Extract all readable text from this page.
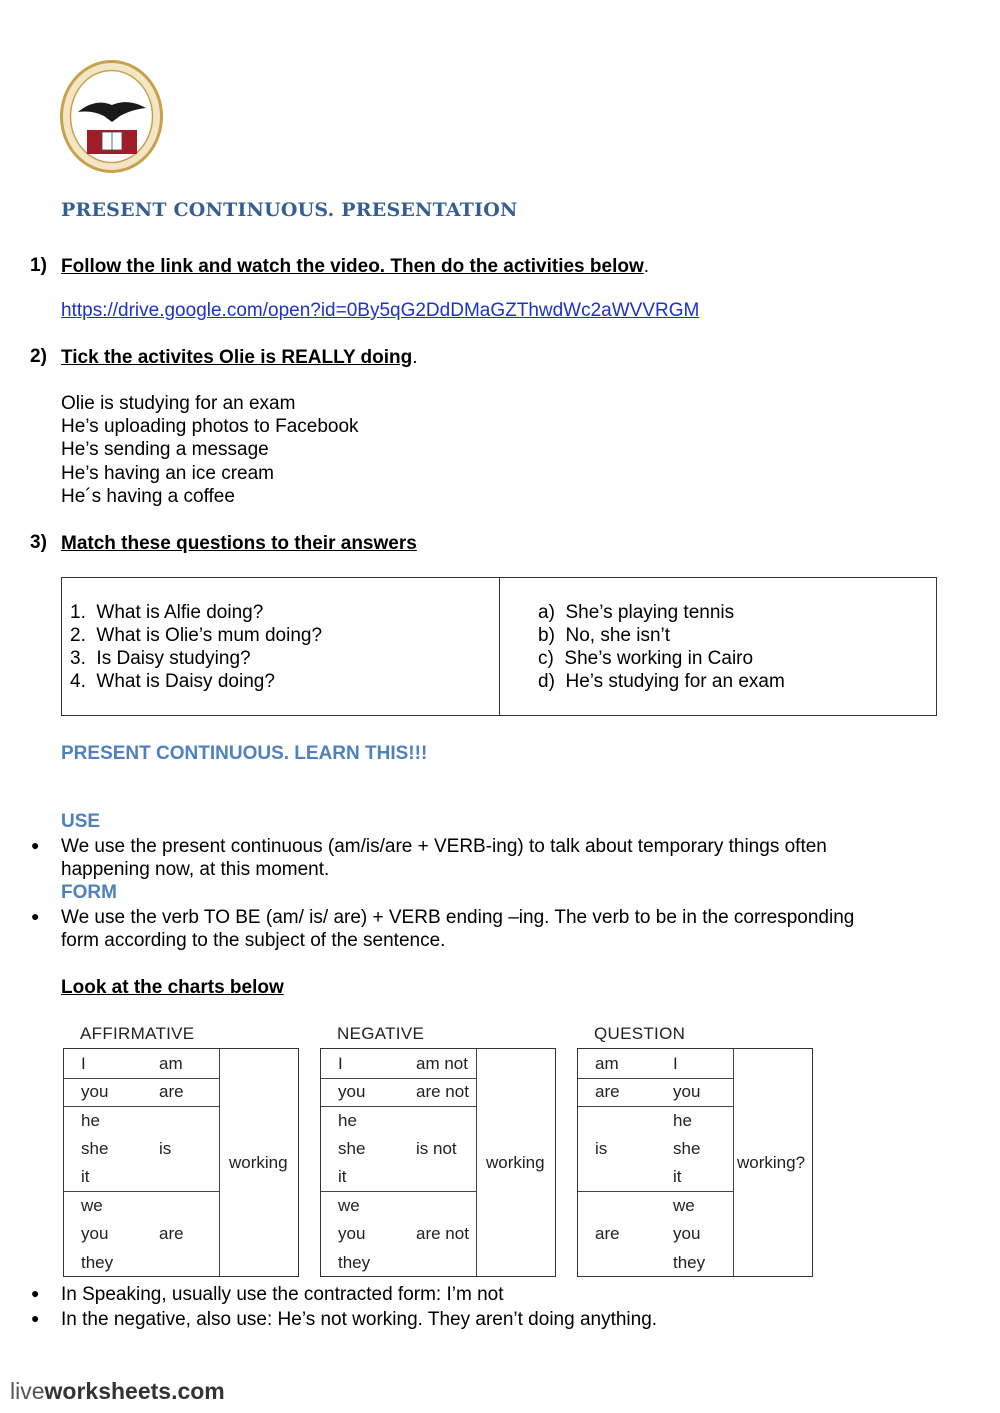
PRESENT CONTINUOUS. PRESENTATION
1) Follow the link and watch the video. Then do the activities below.
https://drive.google.com/open?id=0By5qG2DdDMaGZThwdWc2aWVVRGM
2) Tick the activites Olie is REALLY doing.
Olie is studying for an exam
He’s uploading photos to Facebook
He’s sending a message
He’s having an ice cream
He´s having a coffee
3) Match these questions to their answers
1. What is Alfie doing?
2. What is Olie’s mum doing?
3. Is Daisy studying?
4. What is Daisy doing?
a) She’s playing tennis
b) No, she isn’t
c) She’s working in Cairo
d) He’s studying for an exam
PRESENT CONTINUOUS. LEARN THIS!!!
USE
● We use the present continuous (am/is/are + VERB-ing) to talk about temporary things often
happening now, at this moment.
FORM
● We use the verb TO BE (am/ is/ are) + VERB ending –ing. The verb to be in the corresponding
form according to the subject of the sentence.
Look at the charts below
AFFIRMATIVE	NEGATIVE	QUESTION
I	am
you	are
he
she	is
it
we
you	are
they
working
I	am not
you	are not
he
she	is not
it
we
you	are not
they
working
am	I
are	you
he
is	she
it
we
are	you
they
working?
● In Speaking, usually use the contracted form: I’m not
● In the negative, also use: He’s not working. They aren’t doing anything.
liveworksheets.com
